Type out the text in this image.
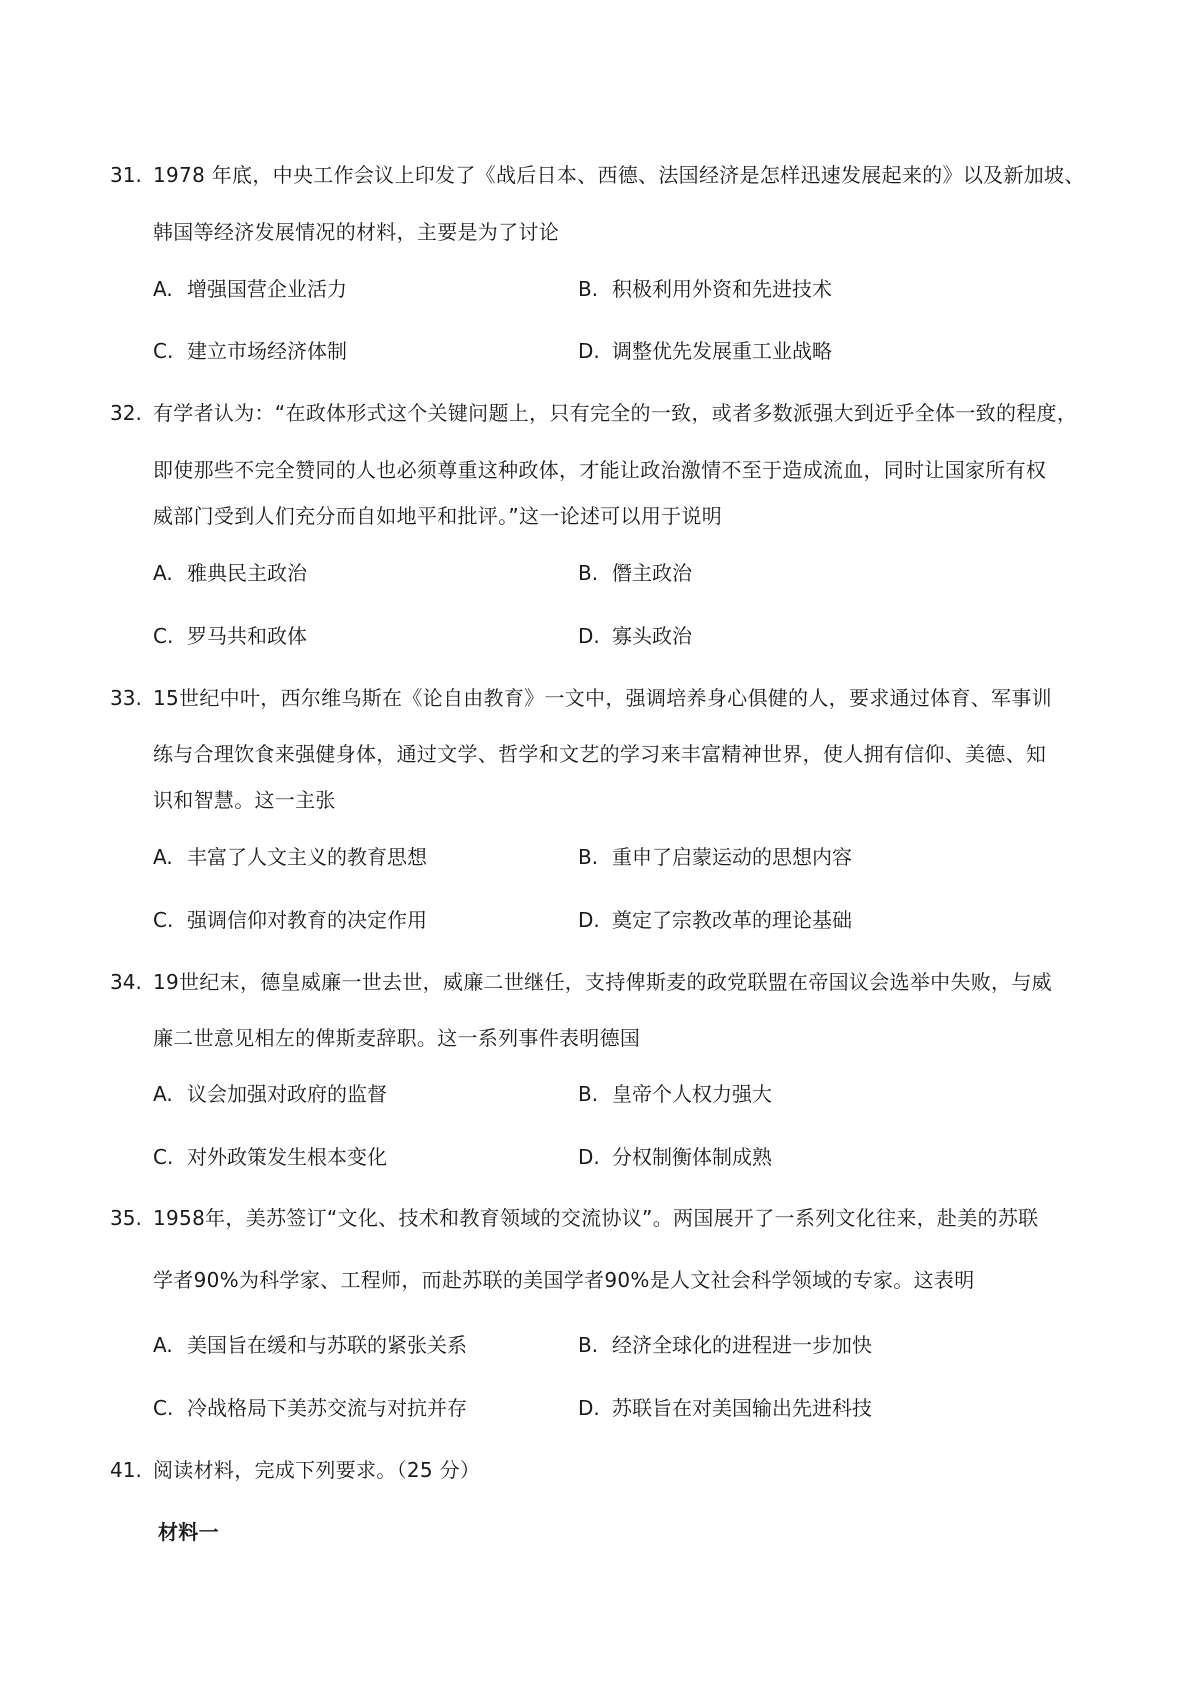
31. 1978 年底，中央工作会议上印发了《战后日本、西德、法国经济是怎样迅速发展起来的》以及新加坡、
韩国等经济发展情况的材料，主要是为了讨论
A. 增强国营企业活力	B. 积极利用外资和先进技术
C. 建立市场经济体制	D. 调整优先发展重工业战略
32. 有学者认为：“在政体形式这个关键问题上，只有完全的一致，或者多数派强大到近乎全体一致的程度，
即使那些不完全赞同的人也必须尊重这种政体，才能让政治激情不至于造成流血，同时让国家所有权
威部门受到人们充分而自如地平和批评。”这一论述可以用于说明
A. 雅典民主政治	B. 僭主政治
C. 罗马共和政体	D. 寡头政治
33. 15世纪中叶，西尔维乌斯在《论自由教育》一文中，强调培养身心俱健的人，要求通过体育、军事训
练与合理饮食来强健身体，通过文学、哲学和文艺的学习来丰富精神世界，使人拥有信仰、美德、知
识和智慧。这一主张
A. 丰富了人文主义的教育思想	B. 重申了启蒙运动的思想内容
C. 强调信仰对教育的决定作用	D. 奠定了宗教改革的理论基础
34. 19世纪末，德皇威廉一世去世，威廉二世继任，支持俾斯麦的政党联盟在帝国议会选举中失败，与威
廉二世意见相左的俾斯麦辞职。这一系列事件表明德国
A. 议会加强对政府的监督	B. 皇帝个人权力强大
C. 对外政策发生根本变化	D. 分权制衡体制成熟
35. 1958年，美苏签订“文化、技术和教育领域的交流协议”。两国展开了一系列文化往来，赴美的苏联
学者90%为科学家、工程师，而赴苏联的美国学者90%是人文社会科学领域的专家。这表明
A. 美国旨在缓和与苏联的紧张关系	B. 经济全球化的进程进一步加快
C. 冷战格局下美苏交流与对抗并存	D. 苏联旨在对美国输出先进科技
41. 阅读材料，完成下列要求。（25 分）
材料一
